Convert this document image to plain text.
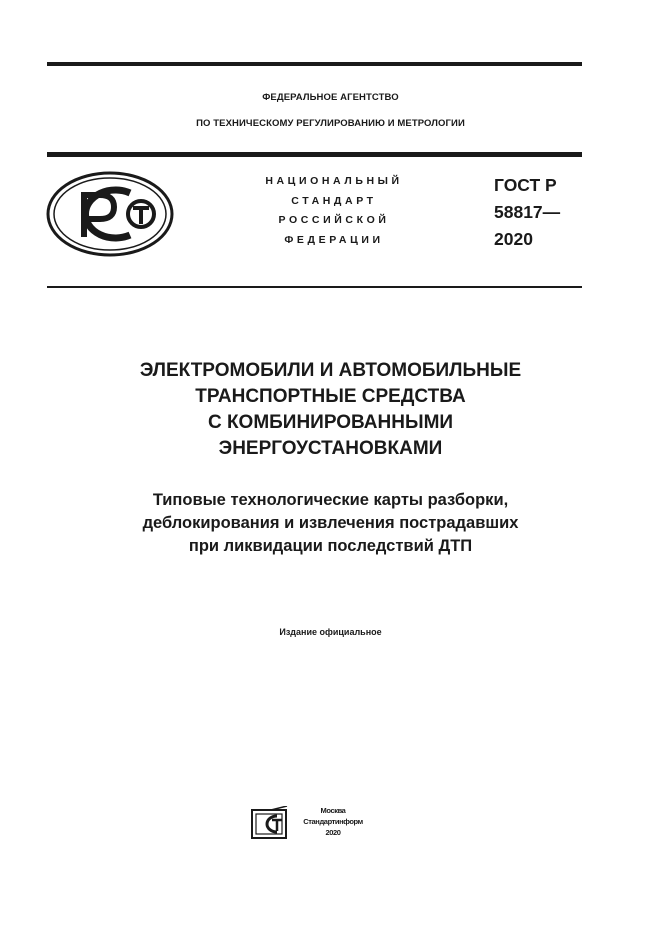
ФЕДЕРАЛЬНОЕ АГЕНТСТВО
ПО ТЕХНИЧЕСКОМУ РЕГУЛИРОВАНИЮ И МЕТРОЛОГИИ
НАЦИОНАЛЬНЫЙ
СТАНДАРТ
РОССИЙСКОЙ
ФЕДЕРАЦИИ
ГОСТ Р
58817—
2020
ЭЛЕКТРОМОБИЛИ И АВТОМОБИЛЬНЫЕ
ТРАНСПОРТНЫЕ СРЕДСТВА
С КОМБИНИРОВАННЫМИ
ЭНЕРГОУСТАНОВКАМИ
Типовые технологические карты разборки,
деблокирования и извлечения пострадавших
при ликвидации последствий ДТП
Издание официальное
Москва
Стандартинформ
2020
